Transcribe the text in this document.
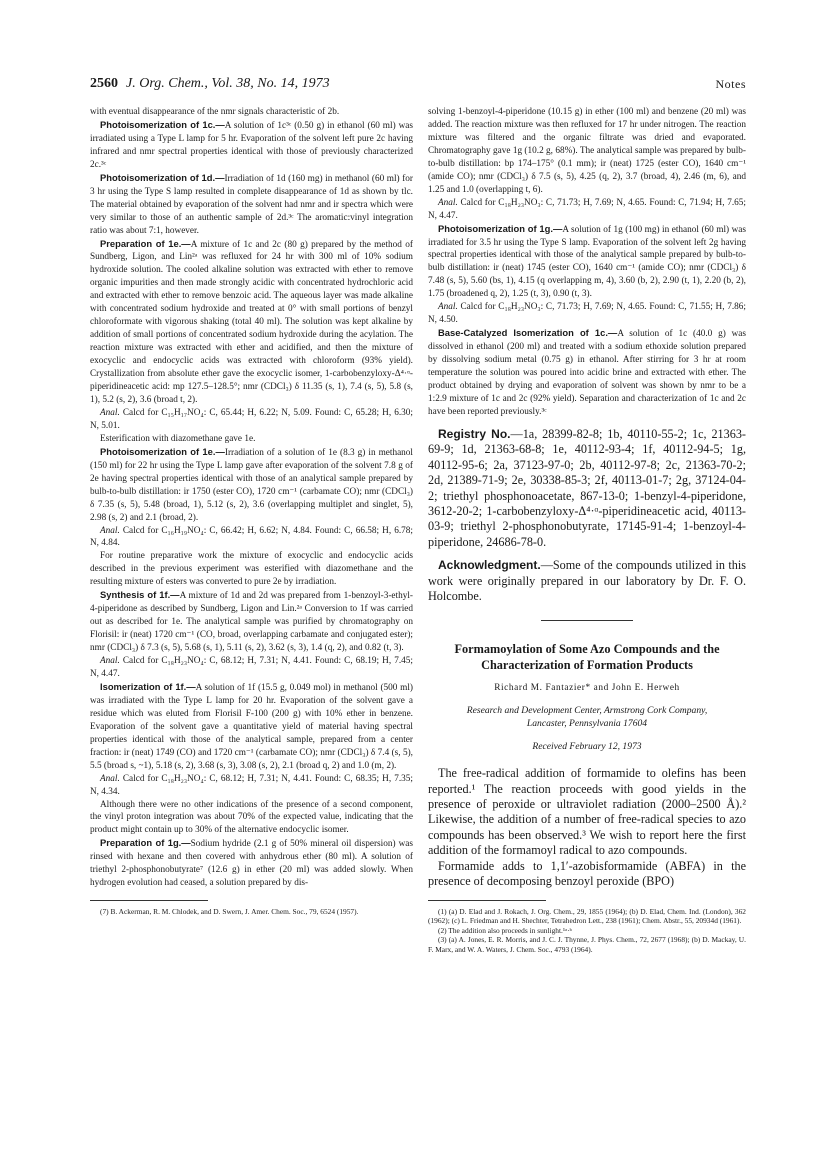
2560 J. Org. Chem., Vol. 38, No. 14, 1973	Notes

with eventual disappearance of the nmr signals characteristic of 2b.

Photoisomerization of 1c.—A solution of 1c³ᶜ (0.50 g) in ethanol (60 ml) was irradiated using a Type L lamp for 5 hr. Evaporation of the solvent left pure 2c having infrared and nmr spectral properties identical with those of previously characterized 2c.³ᶜ

Photoisomerization of 1d.—Irradiation of 1d (160 mg) in methanol (60 ml) for 3 hr using the Type S lamp resulted in complete disappearance of 1d as shown by tlc. The material obtained by evaporation of the solvent had nmr and ir spectra which were very similar to those of an authentic sample of 2d.³ᶜ The aromatic:vinyl integration ratio was about 7:1, however.

Preparation of 1e.—A mixture of 1c and 2c (80 g) prepared by the method of Sundberg, Ligon, and Lin²ᵃ was refluxed for 24 hr with 300 ml of 10% sodium hydroxide solution. The cooled alkaline solution was extracted with ether to remove organic impurities and then made strongly acidic with concentrated hydrochloric acid and extracted with ether to remove benzoic acid. The aqueous layer was made alkaline with concentrated sodium hydroxide and treated at 0° with small portions of benzyl chloroformate with vigorous shaking (total 40 ml). The solution was kept alkaline by addition of small portions of concentrated sodium hydroxide during the acylation. The reaction mixture was extracted with ether and acidified, and then the mixture of exocyclic and endocyclic acids was extracted with chloroform (93% yield). Crystallization from absolute ether gave the exocyclic isomer, 1-carbobenzyloxy-Δ⁴·ᵅ-piperidineacetic acid: mp 127.5–128.5°; nmr (CDCl₃) δ 11.35 (s, 1), 7.4 (s, 5), 5.8 (s, 1), 5.2 (s, 2), 3.6 (broad t, 2).

Anal. Calcd for C₁₅H₁₇NO₄: C, 65.44; H, 6.22; N, 5.09. Found: C, 65.28; H, 6.30; N, 5.01.

Esterification with diazomethane gave 1e.

Photoisomerization of 1e.—Irradiation of a solution of 1e (8.3 g) in methanol (150 ml) for 22 hr using the Type L lamp gave after evaporation of the solvent 7.8 g of 2e having spectral properties identical with those of an analytical sample prepared by bulb-to-bulb distillation: ir 1750 (ester CO), 1720 cm⁻¹ (carbamate CO); nmr (CDCl₃) δ 7.35 (s, 5), 5.48 (broad, 1), 5.12 (s, 2), 3.6 (overlapping multiplet and singlet, 5), 2.98 (s, 2) and 2.1 (broad, 2).

Anal. Calcd for C₁₆H₁₉NO₄: C, 66.42; H, 6.62; N, 4.84. Found: C, 66.58; H, 6.78; N, 4.84.

For routine preparative work the mixture of exocyclic and endocyclic acids described in the previous experiment was esterified with diazomethane and the resulting mixture of esters was converted to pure 2e by irradiation.

Synthesis of 1f.—A mixture of 1d and 2d was prepared from 1-benzoyl-3-ethyl-4-piperidone as described by Sundberg, Ligon and Lin.²ᵃ Conversion to 1f was carried out as described for 1e. The analytical sample was purified by chromatography on Florisil: ir (neat) 1720 cm⁻¹ (CO, broad, overlapping carbamate and conjugated ester); nmr (CDCl₃) δ 7.3 (s, 5), 5.68 (s, 1), 5.11 (s, 2), 3.62 (s, 3), 1.4 (q, 2), and 0.82 (t, 3).

Anal. Calcd for C₁₈H₂₃NO₄: C, 68.12; H, 7.31; N, 4.41. Found: C, 68.19; H, 7.45; N, 4.47.

Isomerization of 1f.—A solution of 1f (15.5 g, 0.049 mol) in methanol (500 ml) was irradiated with the Type L lamp for 20 hr. Evaporation of the solvent gave a residue which was eluted from Florisil F-100 (200 g) with 10% ether in benzene. Evaporation of the solvent gave a quantitative yield of material having spectral properties identical with those of the analytical sample, prepared from a center fraction: ir (neat) 1749 (CO) and 1720 cm⁻¹ (carbamate CO); nmr (CDCl₃) δ 7.4 (s, 5), 5.5 (broad s, ~1), 5.18 (s, 2), 3.68 (s, 3), 3.08 (s, 2), 2.1 (broad q, 2) and 1.0 (m, 2).

Anal. Calcd for C₁₈H₂₃NO₄: C, 68.12; H, 7.31; N, 4.41. Found: C, 68.35; H, 7.35; N, 4.34.

Although there were no other indications of the presence of a second component, the vinyl proton integration was about 70% of the expected value, indicating that the product might contain up to 30% of the alternative endocyclic isomer.

Preparation of 1g.—Sodium hydride (2.1 g of 50% mineral oil dispersion) was rinsed with hexane and then covered with anhydrous ether (80 ml). A solution of triethyl 2-phosphonobutyrate⁷ (12.6 g) in ether (20 ml) was added slowly. When hydrogen evolution had ceased, a solution prepared by dis-

(7) B. Ackerman, R. M. Chlodek, and D. Swern, J. Amer. Chem. Soc., 79, 6524 (1957).

solving 1-benzoyl-4-piperidone (10.15 g) in ether (100 ml) and benzene (20 ml) was added. The reaction mixture was then refluxed for 17 hr under nitrogen. The reaction mixture was filtered and the organic filtrate was dried and evaporated. Chromatography gave 1g (10.2 g, 68%). The analytical sample was prepared by bulb-to-bulb distillation: bp 174–175° (0.1 mm); ir (neat) 1725 (ester CO), 1640 cm⁻¹ (amide CO); nmr (CDCl₃) δ 7.5 (s, 5), 4.25 (q, 2), 3.7 (broad, 4), 2.46 (m, 6), and 1.25 and 1.0 (overlapping t, 6).

Anal. Calcd for C₁₈H₂₃NO₃: C, 71.73; H, 7.69; N, 4.65. Found: C, 71.94; H, 7.65; N, 4.47.

Photoisomerization of 1g.—A solution of 1g (100 mg) in ethanol (60 ml) was irradiated for 3.5 hr using the Type S lamp. Evaporation of the solvent left 2g having spectral properties identical with those of the analytical sample prepared by bulb-to-bulb distillation: ir (neat) 1745 (ester CO), 1640 cm⁻¹ (amide CO); nmr (CDCl₃) δ 7.48 (s, 5), 5.60 (bs, 1), 4.15 (q overlapping m, 4), 3.60 (b, 2), 2.90 (t, 1), 2.20 (b, 2), 1.75 (broadened q, 2), 1.25 (t, 3), 0.90 (t, 3).

Anal. Calcd for C₁₈H₂₃NO₃: C, 71.73; H, 7.69; N, 4.65. Found: C, 71.55; H, 7.86; N, 4.50.

Base-Catalyzed Isomerization of 1c.—A solution of 1c (40.0 g) was dissolved in ethanol (200 ml) and treated with a sodium ethoxide solution prepared by dissolving sodium metal (0.75 g) in ethanol. After stirring for 3 hr at room temperature the solution was poured into acidic brine and extracted with ether. The product obtained by drying and evaporation of solvent was shown by nmr to be a 1:2.9 mixture of 1c and 2c (92% yield). Separation and characterization of 1c and 2c have been reported previously.³ᶜ

Registry No.—1a, 28399-82-8; 1b, 40110-55-2; 1c, 21363-69-9; 1d, 21363-68-8; 1e, 40112-93-4; 1f, 40112-94-5; 1g, 40112-95-6; 2a, 37123-97-0; 2b, 40112-97-8; 2c, 21363-70-2; 2d, 21389-71-9; 2e, 30338-85-3; 2f, 40113-01-7; 2g, 37124-04-2; triethyl phosphonoacetate, 867-13-0; 1-benzyl-4-piperidone, 3612-20-2; 1-carbobenzyloxy-Δ⁴·ᵅ-piperidineacetic acid, 40113-03-9; triethyl 2-phosphonobutyrate, 17145-91-4; 1-benzoyl-4-piperidone, 24686-78-0.

Acknowledgment.—Some of the compounds utilized in this work were originally prepared in our laboratory by Dr. F. O. Holcombe.

Formamoylation of Some Azo Compounds and the Characterization of Formation Products
Richard M. Fantazier* and John E. Herweh
Research and Development Center, Armstrong Cork Company,
Lancaster, Pennsylvania 17604
Received February 12, 1973

The free-radical addition of formamide to olefins has been reported.¹ The reaction proceeds with good yields in the presence of peroxide or ultraviolet radiation (2000–2500 Å).² Likewise, the addition of a number of free-radical species to azo compounds has been observed.³ We wish to report here the first addition of the formamoyl radical to azo compounds.

Formamide adds to 1,1′-azobisformamide (ABFA) in the presence of decomposing benzoyl peroxide (BPO)

(1) (a) D. Elad and J. Rokach, J. Org. Chem., 29, 1855 (1964); (b) D. Elad, Chem. Ind. (London), 362 (1962); (c) L. Friedman and H. Shechter, Tetrahedron Lett., 238 (1961); Chem. Abstr., 55, 20934d (1961).

(2) The addition also proceeds in sunlight.¹ᵃ·ᵇ

(3) (a) A. Jones, E. R. Morris, and J. C. J. Thynne, J. Phys. Chem., 72, 2677 (1968); (b) D. Mackay, U. F. Marx, and W. A. Waters, J. Chem. Soc., 4793 (1964).
